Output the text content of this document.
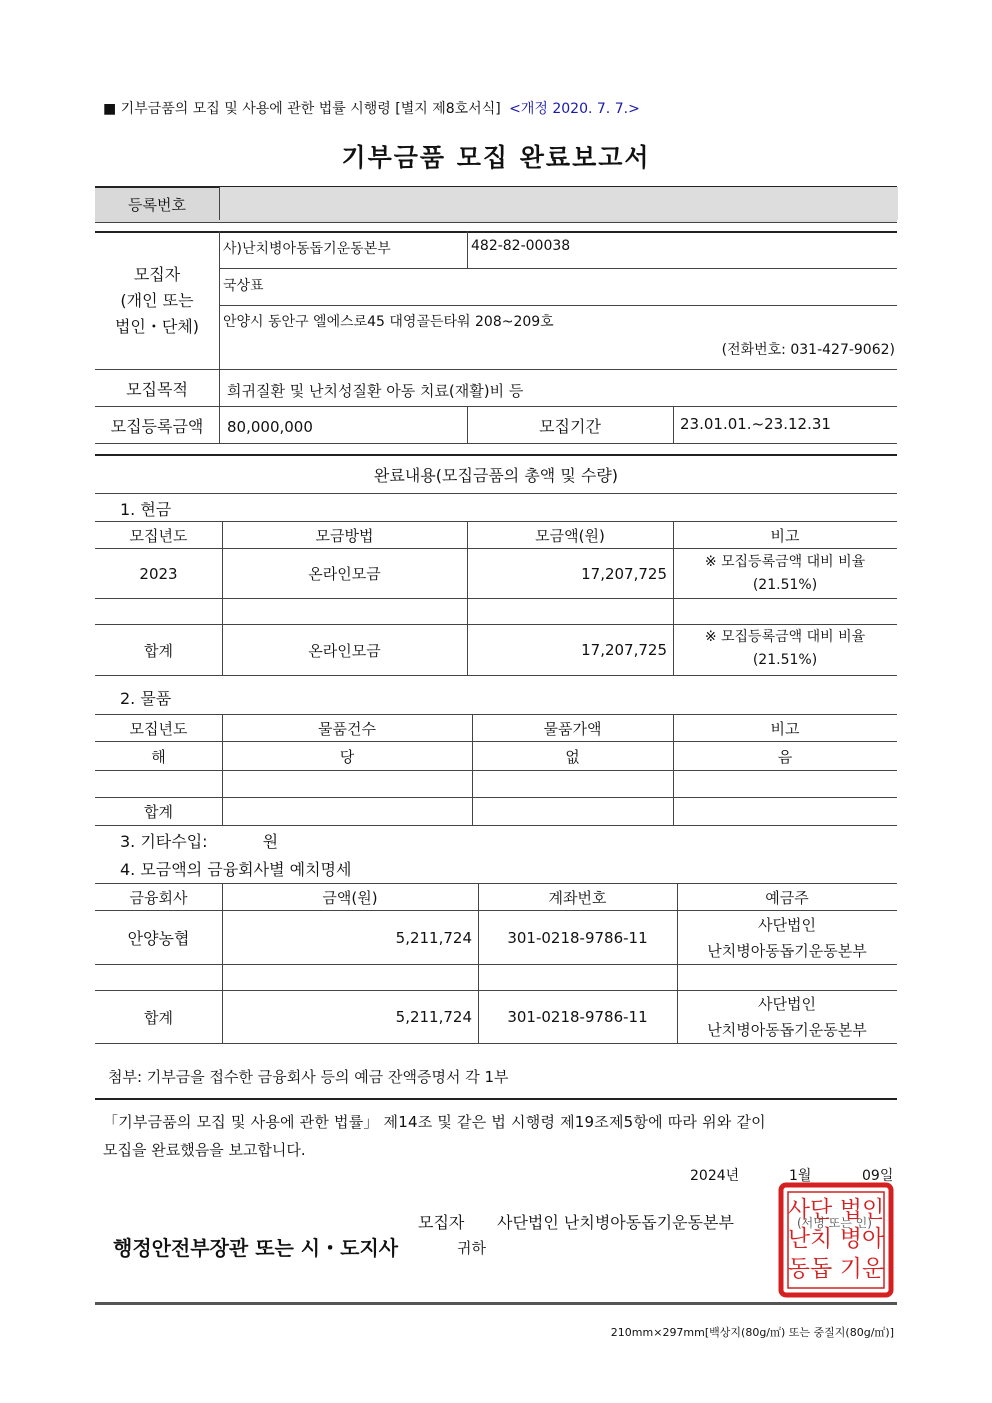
■ 기부금품의 모집 및 사용에 관한 법률 시행령 [별지 제8호서식] <개정 2020. 7. 7.>
기부금품 모집 완료보고서
등록번호
모집자
(개인 또는
법인・단체)
사)난치병아동돕기운동본부	482-82-00038
국상표
안양시 동안구 엘에스로45 대영골든타워 208~209호
(전화번호: 031-427-9062)
모집목적	희귀질환 및 난치성질환 아동 치료(재활)비 등
모집등록금액	80,000,000	모집기간	23.01.01.~23.12.31
완료내용(모집금품의 총액 및 수량)
1. 현금
모집년도	모금방법	모금액(원)	비고
2023	온라인모금	17,207,725
※ 모집등록금액 대비 비율
(21.51%)
합계	온라인모금	17,207,725
※ 모집등록금액 대비 비율
(21.51%)
2. 물품
모집년도	물품건수	물품가액	비고
해	당	없	음
합계
3. 기타수입:	원
4. 모금액의 금융회사별 예치명세
금융회사	금액(원)	계좌번호	예금주
안양농협	5,211,724	301-0218-9786-11
사단법인
난치병아동돕기운동본부
합계	5,211,724	301-0218-9786-11
사단법인
난치병아동돕기운동본부
첨부: 기부금을 접수한 금융회사 등의 예금 잔액증명서 각 1부
「기부금품의 모집 및 사용에 관한 법률」 제14조 및 같은 법 시행령 제19조제5항에 따라 위와 같이
모집을 완료했음을 보고합니다.
2024년	1월	09일
모집자 사단법인 난치병아동돕기운동본부	(서명 또는 인)
사단 법인
난치 병아
동돕 기운
행정안전부장관 또는 시・도지사	귀하
210mm×297mm[백상지(80g/㎡) 또는 중질지(80g/㎡)]
